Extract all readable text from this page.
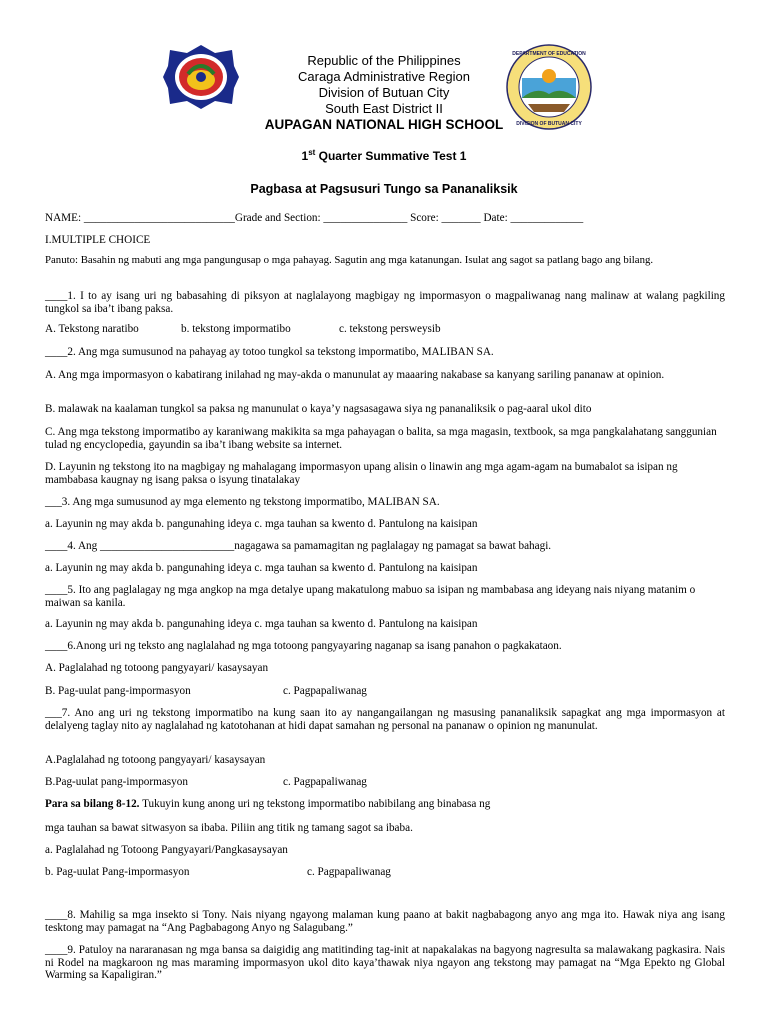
DEPARTMENT OF EDUCATION
DIVISION OF BUTUAN CITY
Republic of the Philippines
Caraga Administrative Region
Division of Butuan City
South East District II
AUPAGAN NATIONAL HIGH SCHOOL
1st Quarter Summative Test 1
Pagbasa at Pagsusuri Tungo sa Pananaliksik
NAME: ___________________________Grade and Section: _______________ Score: _______ Date: _____________
I.MULTIPLE CHOICE
Panuto: Basahin ng mabuti ang mga pangungusap o mga pahayag. Sagutin ang mga katanungan. Isulat ang sagot sa patlang bago ang bilang.
____1. I to ay isang uri ng babasahing di piksyon at naglalayong magbigay ng impormasyon o magpaliwanag nang malinaw at walang pagkiling tungkol sa iba’t ibang paksa.
A. Tekstong naratibo	b. tekstong impormatibo	c. tekstong persweysib
____2. Ang mga sumusunod na pahayag ay totoo tungkol sa tekstong impormatibo, MALIBAN SA.
A. Ang mga impormasyon o kabatirang inilahad ng may-akda o manunulat ay maaaring nakabase sa kanyang sariling pananaw at opinion.
B. malawak na kaalaman tungkol sa paksa ng manunulat o kaya’y nagsasagawa siya ng pananaliksik o pag-aaral ukol dito
C. Ang mga tekstong impormatibo ay karaniwang makikita sa mga pahayagan o balita, sa mga magasin, textbook, sa mga pangkalahatang sanggunian tulad ng encyclopedia, gayundin sa iba’t ibang website sa internet.
D. Layunin ng tekstong ito na magbigay ng mahalagang impormasyon upang alisin o linawin ang mga agam-agam na bumabalot sa isipan ng mambabasa kaugnay ng isang paksa o isyung tinatalakay
___3. Ang mga sumusunod ay mga elemento ng tekstong impormatibo, MALIBAN SA.
a. Layunin ng may akda b. pangunahing ideya c. mga tauhan sa kwento d. Pantulong na kaisipan
____4. Ang ________________________nagagawa sa pamamagitan ng paglalagay ng pamagat sa bawat bahagi.
a. Layunin ng may akda b. pangunahing ideya c. mga tauhan sa kwento d. Pantulong na kaisipan
____5. Ito ang paglalagay ng mga angkop na mga detalye upang makatulong mabuo sa isipan ng mambabasa ang ideyang nais niyang matanim o maiwan sa kanila.
a. Layunin ng may akda b. pangunahing ideya c. mga tauhan sa kwento d. Pantulong na kaisipan
____6.Anong uri ng teksto ang naglalahad ng mga totoong pangyayaring naganap sa isang panahon o pagkakataon.
A. Paglalahad ng totoong pangyayari/ kasaysayan
B. Pag-uulat pang-impormasyon	c. Pagpapaliwanag
___7. Ano ang uri ng tekstong impormatibo na kung saan ito ay nangangailangan ng masusing pananaliksik sapagkat ang mga impormasyon at delalyeng taglay nito ay naglalahad ng katotohanan at hidi dapat samahan ng personal na pananaw o opinion ng manunulat.
A.Paglalahad ng totoong pangyayari/ kasaysayan
B.Pag-uulat pang-impormasyon	c. Pagpapaliwanag
Para sa bilang 8-12. Tukuyin kung anong uri ng tekstong impormatibo nabibilang ang binabasa ng
mga tauhan sa bawat sitwasyon sa ibaba. Piliin ang titik ng tamang sagot sa ibaba.
a. Paglalahad ng Totoong Pangyayari/Pangkasaysayan
b. Pag-uulat Pang-impormasyon	c. Pagpapaliwanag
____8. Mahilig sa mga insekto si Tony. Nais niyang ngayong malaman kung paano at bakit nagbabagong anyo ang mga ito. Hawak niya ang isang tesktong may pamagat na “Ang Pagbabagong Anyo ng Salagubang.”
____9. Patuloy na nararanasan ng mga bansa sa daigidig ang matitinding tag-init at napakalakas na bagyong nagresulta sa malawakang pagkasira. Nais ni Rodel na magkaroon ng mas maraming impormasyon ukol dito kaya’thawak niya ngayon ang tekstong may pamagat na “Mga Epekto ng Global Warming sa Kapaligiran.”
